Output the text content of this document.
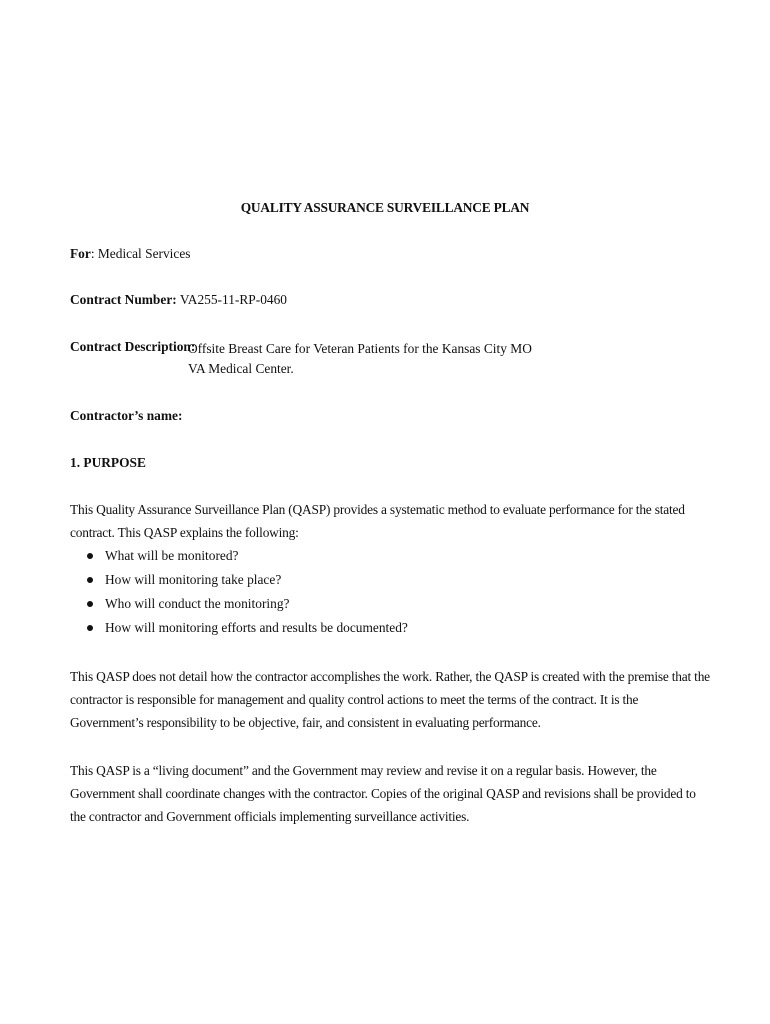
QUALITY ASSURANCE SURVEILLANCE PLAN
For: Medical Services
Contract Number: VA255-11-RP-0460
Contract Description:Offsite Breast Care for Veteran Patients for the Kansas City MO VA Medical Center.
Contractor’s name:
1. PURPOSE
This Quality Assurance Surveillance Plan (QASP) provides a systematic method to evaluate performance for the stated contract. This QASP explains the following:
What will be monitored?
How will monitoring take place?
Who will conduct the monitoring?
How will monitoring efforts and results be documented?
This QASP does not detail how the contractor accomplishes the work. Rather, the QASP is created with the premise that the contractor is responsible for management and quality control actions to meet the terms of the contract. It is the Government’s responsibility to be objective, fair, and consistent in evaluating performance.
This QASP is a “living document” and the Government may review and revise it on a regular basis. However, the Government shall coordinate changes with the contractor. Copies of the original QASP and revisions shall be provided to the contractor and Government officials implementing surveillance activities.
